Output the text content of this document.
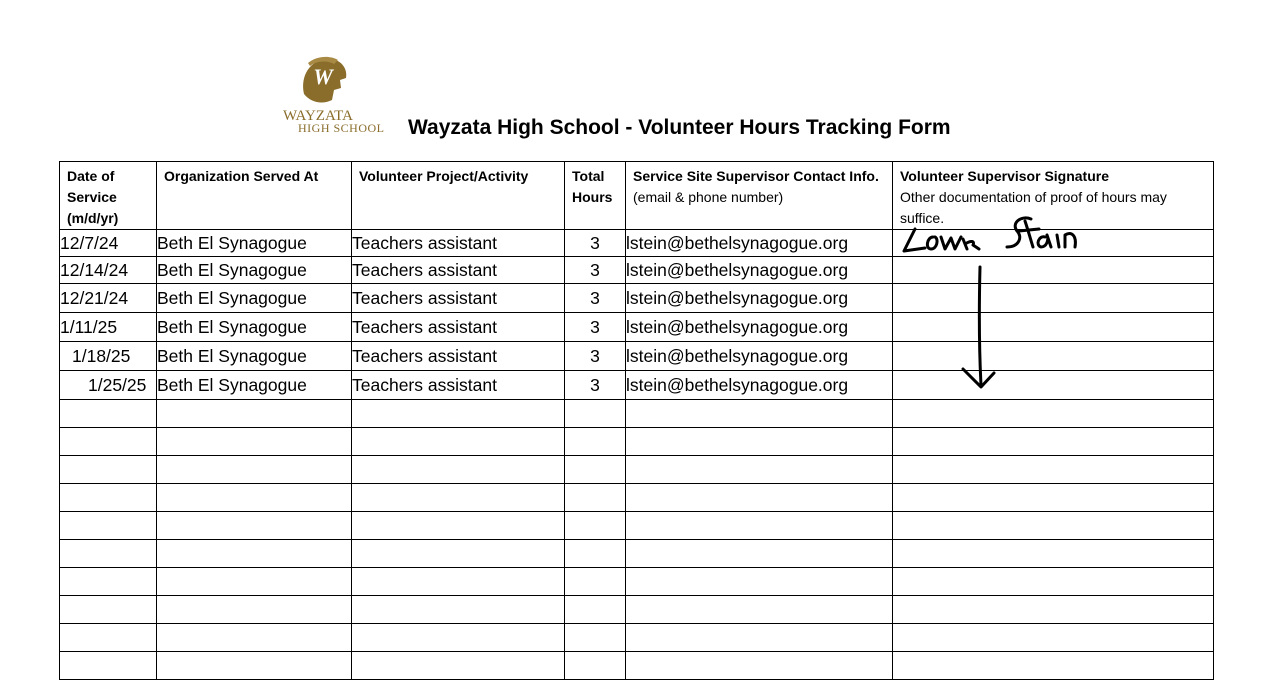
W
WAYZATA
HIGH SCHOOL Wayzata High School - Volunteer Hours Tracking Form
Date of Service (m/d/yr)	Organization Served At	Volunteer Project/Activity	Total Hours	Service Site Supervisor Contact Info. (email & phone number)	Volunteer Supervisor Signature
Other documentation of proof of hours may suffice.
12/7/24	Beth El Synagogue	Teachers assistant	3	lstein@bethelsynagogue.org	
12/14/24	Beth El Synagogue	Teachers assistant	3	lstein@bethelsynagogue.org	
12/21/24	Beth El Synagogue	Teachers assistant	3	lstein@bethelsynagogue.org	
1/11/25	Beth El Synagogue	Teachers assistant	3	lstein@bethelsynagogue.org	
1/18/25	Beth El Synagogue	Teachers assistant	3	lstein@bethelsynagogue.org	
1/25/25	Beth El Synagogue	Teachers assistant	3	lstein@bethelsynagogue.org	
